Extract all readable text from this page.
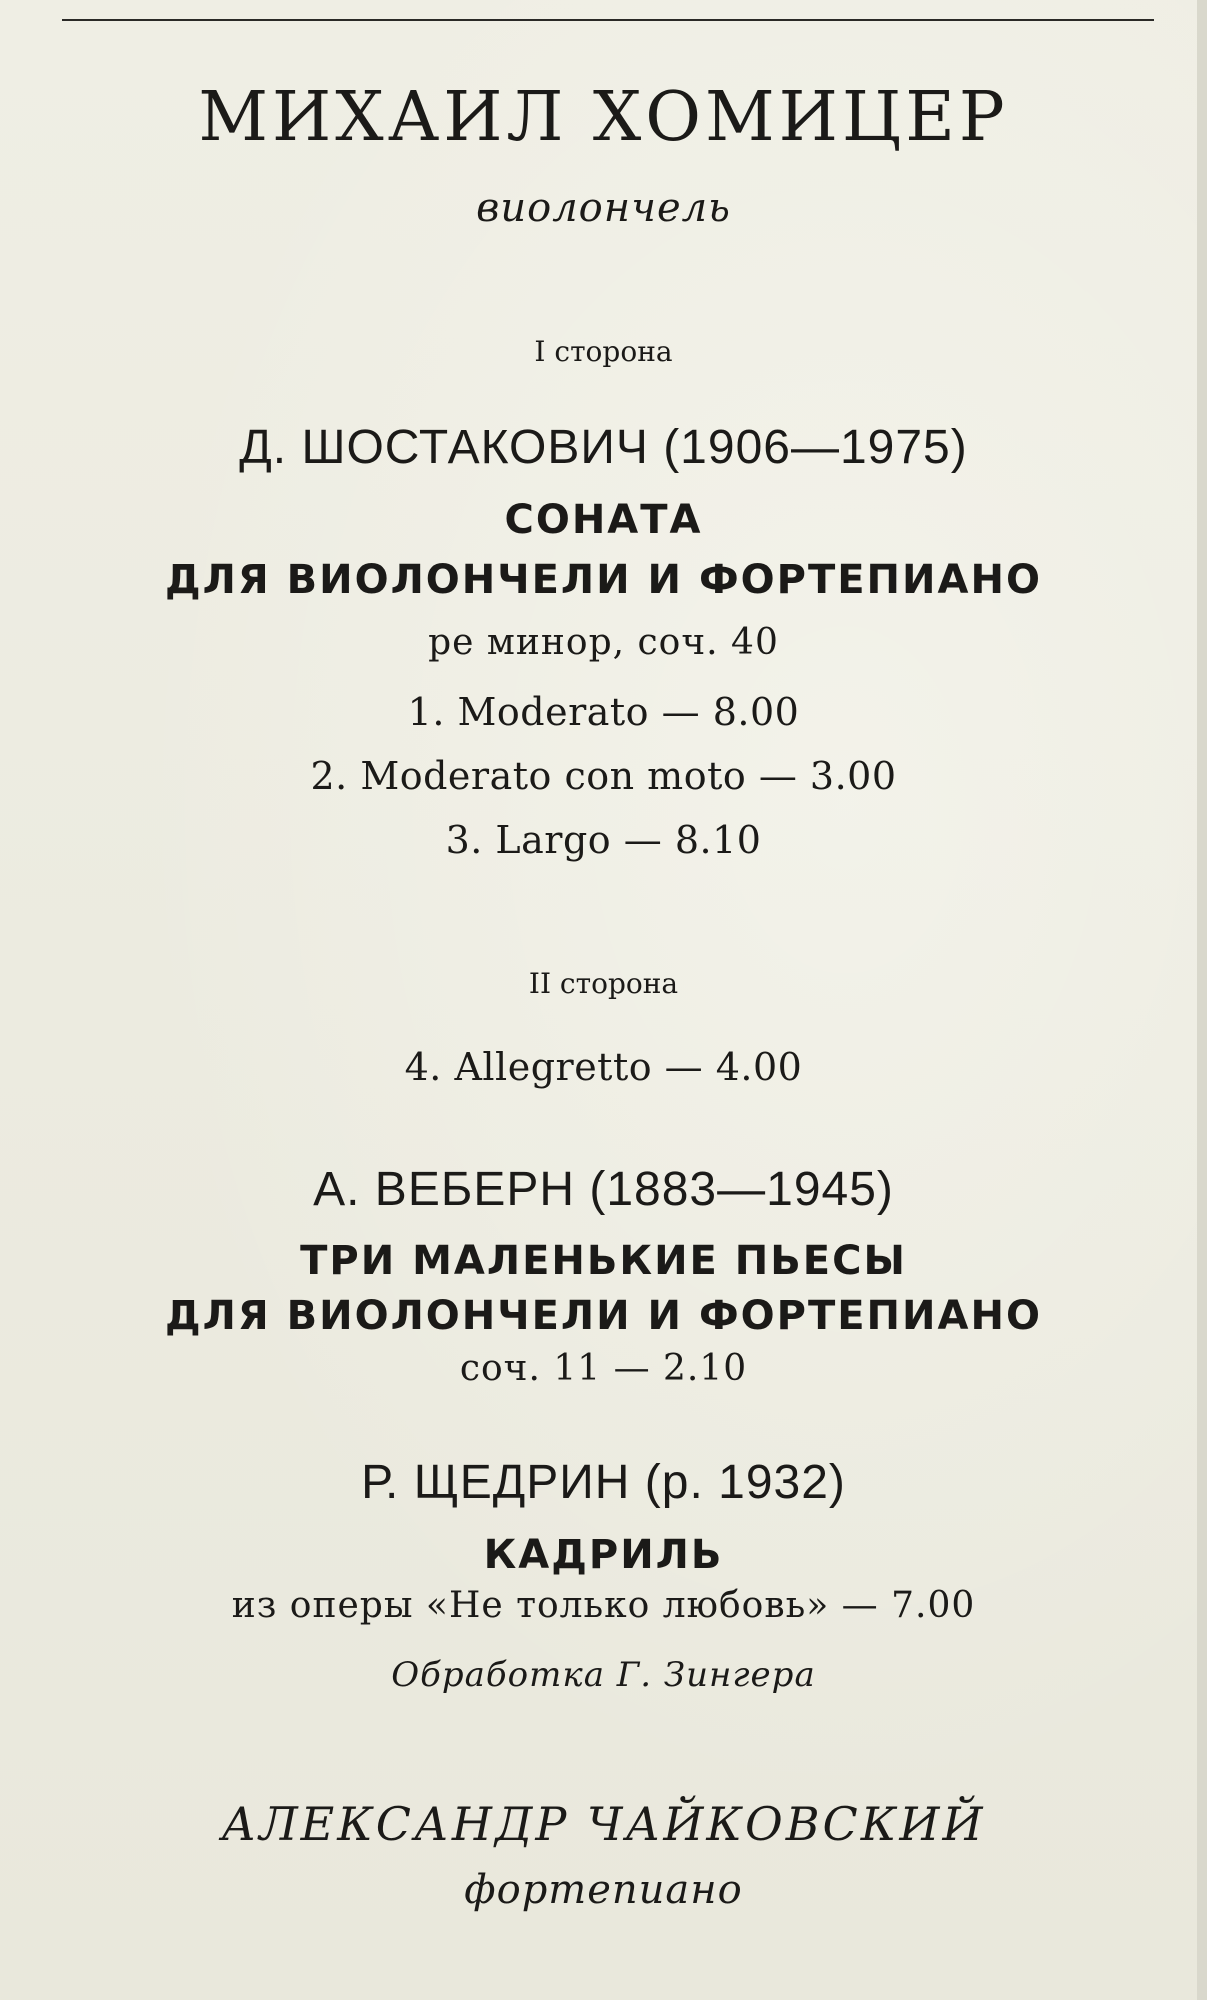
МИХАИЛ ХОМИЦЕР

виолончель

I сторона

Д. ШОСТАКОВИЧ (1906—1975)

СОНАТА

ДЛЯ ВИОЛОНЧЕЛИ И ФОРТЕПИАНО

ре минор, соч. 40

1. Moderato — 8.00

2. Moderato con moto — 3.00

3. Largo — 8.10

II сторона

4. Allegretto — 4.00

А. ВЕБЕРН (1883—1945)

ТРИ МАЛЕНЬКИЕ ПЬЕСЫ

ДЛЯ ВИОЛОНЧЕЛИ И ФОРТЕПИАНО

соч. 11 — 2.10

Р. ЩЕДРИН (р. 1932)

КАДРИЛЬ

из оперы «Не только любовь» — 7.00

Обработка Г. Зингера

АЛЕКСАНДР ЧАЙКОВСКИЙ

фортепиано
